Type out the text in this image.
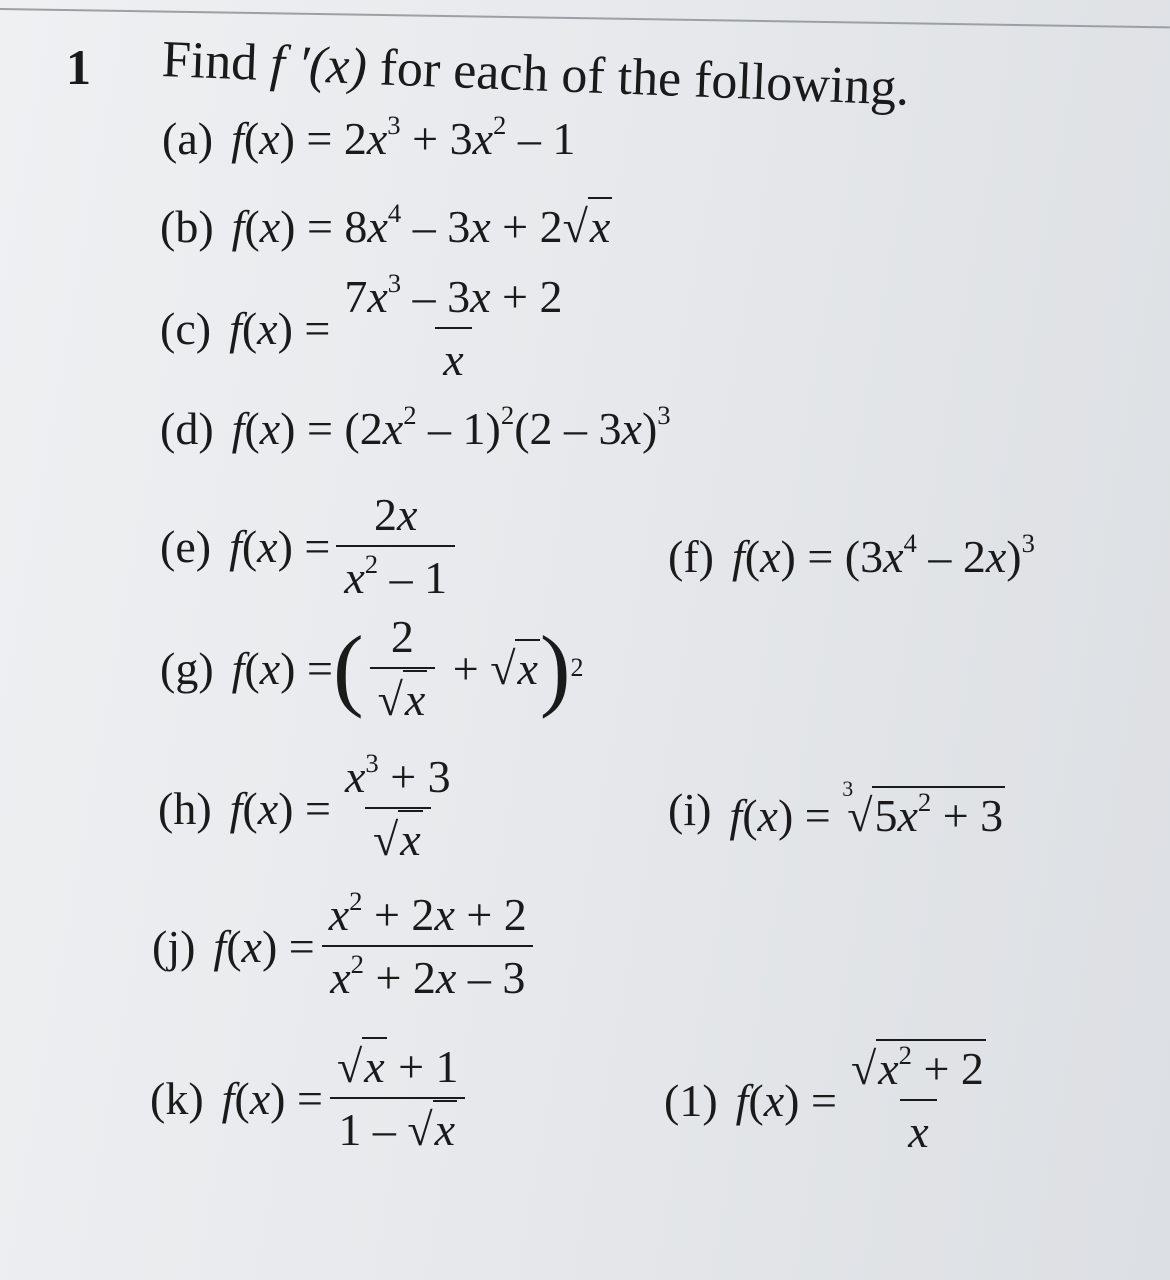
1 Find f ′(x) for each of the following.
(a) $f(x) = 2x^3 + 3x^2 - 1$
(b) $f(x) = 8x^4 - 3x + 2√x$
(c) $f(x) = \frac{7x^3 - 3x + 2}{x}$
(d) $f(x) = (2x^2 - 1)^2(2 - 3x)^3$
(e) $f(x) = \frac{2x}{x^2 - 1}$	(f) $f(x) = (3x^4 - 2x)^3$
(g) f(x) = ( $\frac{2}{√x} + √x$ ) 2
(h) $f(x) = \frac{x^3 + 3}{√x}$	(i) $f(x) = ^3√5x^2 + 3$
(j) $f(x) = \frac{x^2 + 2x + 2}{x^2 + 2x - 3}$
(k) $f(x) = \frac{√x + 1}{1 - √x}$	(1) $f(x) = \frac{√x^2 + 2}{x}$
